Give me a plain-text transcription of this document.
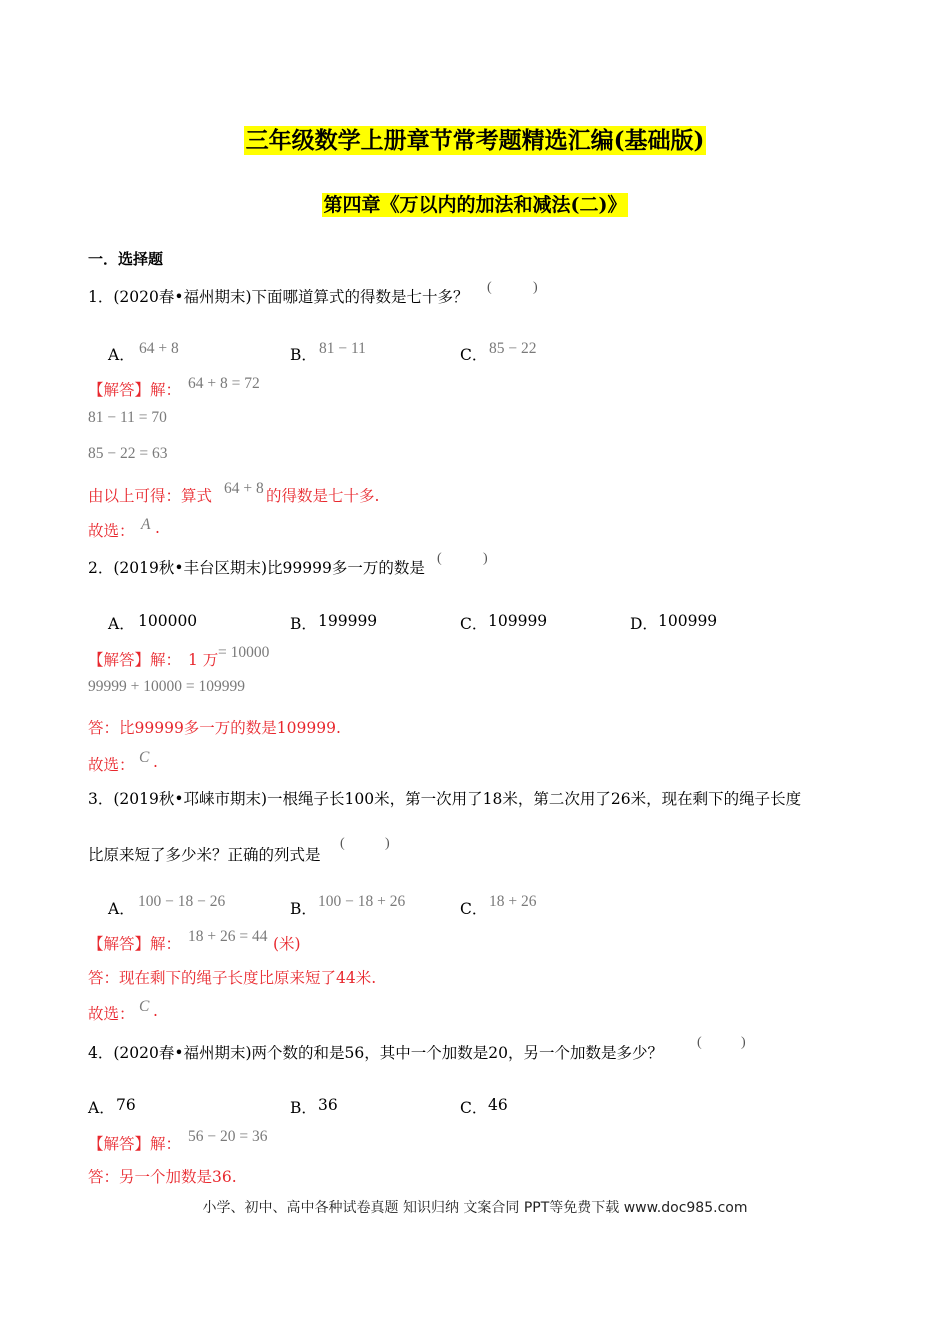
三年级数学上册章节常考题精选汇编(基础版)
第四章《万以内的加法和减法(二)》
一．选择题
1．(2020春•福州期末)下面哪道算式的得数是七十多？
(	)
A． 64 + 8	B． 81 − 11	C． 85 − 22
【解答】解： 64 + 8 = 72
81 − 11 = 70
85 − 22 = 63
由以上可得：算式 64 + 8 的得数是七十多.
故选： A .
2．(2019秋•丰台区期末)比99999多一万的数是
(	)
A． 100000	B． 199999	C． 109999	D． 100999
【解答】解： 1 万 = 10000
99999 + 10000 = 109999
答：比99999多一万的数是109999.
故选： C .
3．(2019秋•邛崃市期末)一根绳子长100米，第一次用了18米，第二次用了26米，现在剩下的绳子长度
比原来短了多少米？正确的列式是
(	)
A． 100 − 18 − 26	B． 100 − 18 + 26	C． 18 + 26
【解答】解： 18 + 26 = 44 (米)
答：现在剩下的绳子长度比原来短了44米.
故选： C .
4．(2020春•福州期末)两个数的和是56，其中一个加数是20，另一个加数是多少？
(	)
A． 76	B． 36	C． 46
【解答】解： 56 − 20 = 36
答：另一个加数是36.
小学、初中、高中各种试卷真题 知识归纳 文案合同 PPT等免费下载 www.doc985.com
